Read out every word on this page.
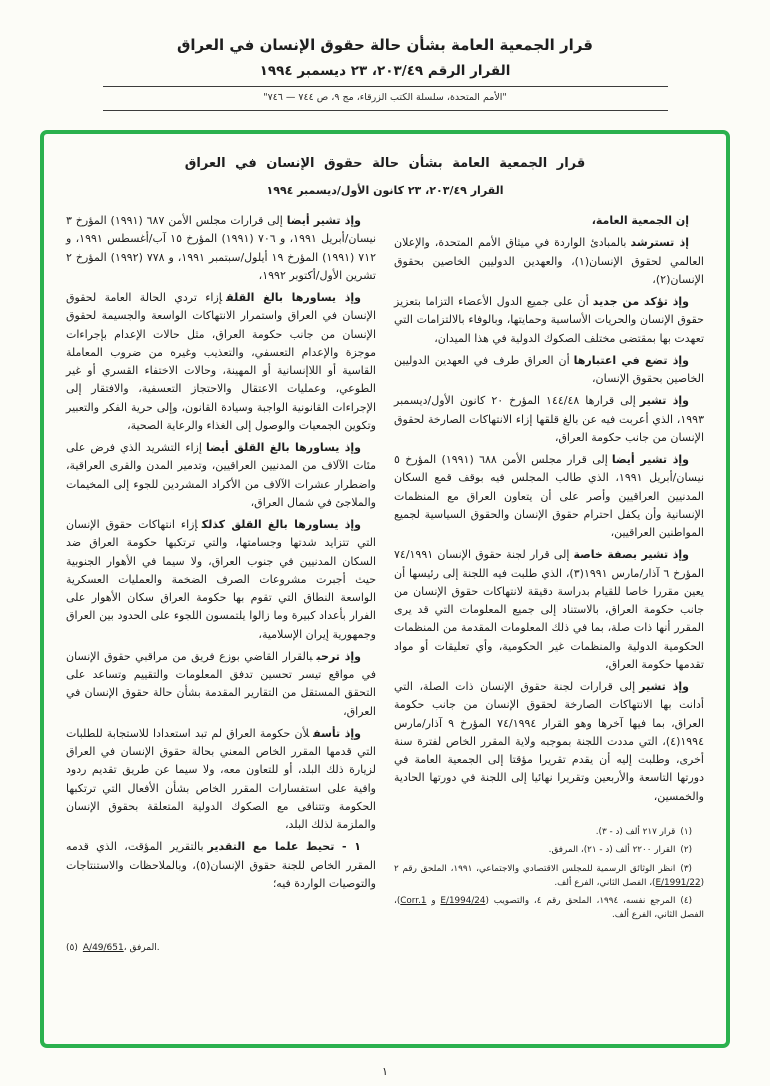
قرار الجمعية العامة بشأن حالة حقوق الإنسان في العراق
القرار الرقم ٢٠٣/٤٩، ٢٣ ديسمبر ١٩٩٤
"الأمم المتحدة، سلسلة الكتب الزرقاء، مج ٩، ص ٧٤٤ — ٧٤٦"
قرار الجمعية العامة بشأن حالة حقوق الإنسان في العراق
القرار ٢٠٣/٤٩، ٢٣ كانون الأول/ديسمبر ١٩٩٤

إن الجمعية العامة،

إذ تسترشدبالمبادئ الواردة في ميثاق الأمم المتحدة، والإعلان العالمي لحقوق الإنسان(١)، والعهدين الدوليين الخاصين بحقوق الإنسان(٢)،

وإذ تؤكد من جديدأن على جميع الدول الأعضاء التزاما بتعزيز حقوق الإنسان والحريات الأساسية وحمايتها، وبالوفاء بالالتزامات التي تعهدت بها بمقتضى مختلف الصكوك الدولية في هذا الميدان،

وإذ تضع في اعتبارهاأن العراق طرف في العهدين الدوليين الخاصين بحقوق الإنسان،

وإذ تشيرإلى قرارها ١٤٤/٤٨ المؤرخ ٢٠ كانون الأول/ديسمبر ١٩٩٣، الذي أعربت فيه عن بالغ قلقها إزاء الانتهاكات الصارخة لحقوق الإنسان من جانب حكومة العراق،

وإذ تشير أيضاإلى قرار مجلس الأمن ٦٨٨ (١٩٩١) المؤرخ ٥ نيسان/أبريل ١٩٩١، الذي طالب المجلس فيه بوقف قمع السكان المدنيين العراقيين وأصر على أن يتعاون العراق مع المنظمات الإنسانية وأن يكفل احترام حقوق الإنسان والحقوق السياسية لجميع المواطنين العراقيين،

وإذ تشير بصفة خاصةإلى قرار لجنة حقوق الإنسان ٧٤/١٩٩١ المؤرخ ٦ آذار/مارس ١٩٩١(٣)، الذي طلبت فيه اللجنة إلى رئيسها أن يعين مقررا خاصا للقيام بدراسة دقيقة لانتهاكات حقوق الإنسان من جانب حكومة العراق، بالاستناد إلى جميع المعلومات التي قد يرى المقرر أنها ذات صلة، بما في ذلك المعلومات المقدمة من المنظمات الحكومية الدولية والمنظمات غير الحكومية، وأي تعليقات أو مواد تقدمها حكومة العراق،

وإذ تشيرإلى قرارات لجنة حقوق الإنسان ذات الصلة، التي أدانت بها الانتهاكات الصارخة لحقوق الإنسان من جانب حكومة العراق، بما فيها آخرها وهو القرار ٧٤/١٩٩٤ المؤرخ ٩ آذار/مارس ١٩٩٤(٤)، التي مددت اللجنة بموجبه ولاية المقرر الخاص لفترة سنة أخرى، وطلبت إليه أن يقدم تقريرا مؤقتا إلى الجمعية العامة في دورتها التاسعة والأربعين وتقريرا نهائيا إلى اللجنة في دورتها الحادية والخمسين،

(١)قرار ٢١٧ ألف (د - ٣).

(٢)القرار ٢٢٠٠ ألف (د - ٢١)، المرفق.

(٣)انظر الوثائق الرسمية للمجلس الاقتصادي والاجتماعي، ١٩٩١، الملحق رقم ٢ (E/1991/22)، الفصل الثاني، الفرع ألف.

(٤)المرجع نفسه، ١٩٩٤، الملحق رقم ٤، والتصويب (E/1994/24 و Corr.1)، الفصل الثاني، الفرع ألف.

وإذ تشير أيضاإلى قرارات مجلس الأمن ٦٨٧ (١٩٩١) المؤرخ ٣ نيسان/أبريل ١٩٩١، و ٧٠٦ (١٩٩١) المؤرخ ١٥ آب/أغسطس ١٩٩١، و ٧١٢ (١٩٩١) المؤرخ ١٩ أيلول/سبتمبر ١٩٩١، و ٧٧٨ (١٩٩٢) المؤرخ ٢ تشرين الأول/أكتوبر ١٩٩٢،

وإذ يساورها بالغ القلقإزاء تردي الحالة العامة لحقوق الإنسان في العراق واستمرار الانتهاكات الواسعة والجسيمة لحقوق الإنسان من جانب حكومة العراق، مثل حالات الإعدام بإجراءات موجزة والإعدام التعسفي، والتعذيب وغيره من ضروب المعاملة القاسية أو اللاإنسانية أو المهينة، وحالات الاختفاء القسري أو غير الطوعي، وعمليات الاعتقال والاحتجاز التعسفية، والافتقار إلى الإجراءات القانونية الواجبة وسيادة القانون، وإلى حرية الفكر والتعبير وتكوين الجمعيات والوصول إلى الغذاء والرعاية الصحية،

وإذ يساورها بالغ القلق أيضاإزاء التشريد الذي فرض على مئات الآلاف من المدنيين العراقيين، وتدمير المدن والقرى العراقية، واضطرار عشرات الآلاف من الأكراد المشردين للجوء إلى المخيمات والملاجئ في شمال العراق،

وإذ يساورها بالغ القلق كذلكإزاء انتهاكات حقوق الإنسان التي تتزايد شدتها وجسامتها، والتي ترتكبها حكومة العراق ضد السكان المدنيين في جنوب العراق، ولا سيما في الأهوار الجنوبية حيث أجبرت مشروعات الصرف الضخمة والعمليات العسكرية الواسعة النطاق التي تقوم بها حكومة العراق سكان الأهوار على الفرار بأعداد كبيرة وما زالوا يلتمسون اللجوء على الحدود بين العراق وجمهورية إيران الإسلامية،

وإذ ترحببالقرار القاضي بوزع فريق من مراقبي حقوق الإنسان في مواقع تيسر تحسين تدفق المعلومات والتقييم وتساعد على التحقق المستقل من التقارير المقدمة بشأن حالة حقوق الإنسان في العراق،

وإذ تأسفلأن حكومة العراق لم تبد استعدادا للاستجابة للطلبات التي قدمها المقرر الخاص المعني بحالة حقوق الإنسان في العراق لزيارة ذلك البلد، أو للتعاون معه، ولا سيما عن طريق تقديم ردود وافية على استفسارات المقرر الخاص بشأن الأفعال التي ترتكبها الحكومة وتتنافى مع الصكوك الدولية المتعلقة بحقوق الإنسان والملزمة لذلك البلد،

١ - تحيط علما مع التقديربالتقرير المؤقت، الذي قدمه المقرر الخاص للجنة حقوق الإنسان(٥)، وبالملاحظات والاستنتاجات والتوصيات الواردة فيه؛

(٥) A/49/651، المرفق.

١
